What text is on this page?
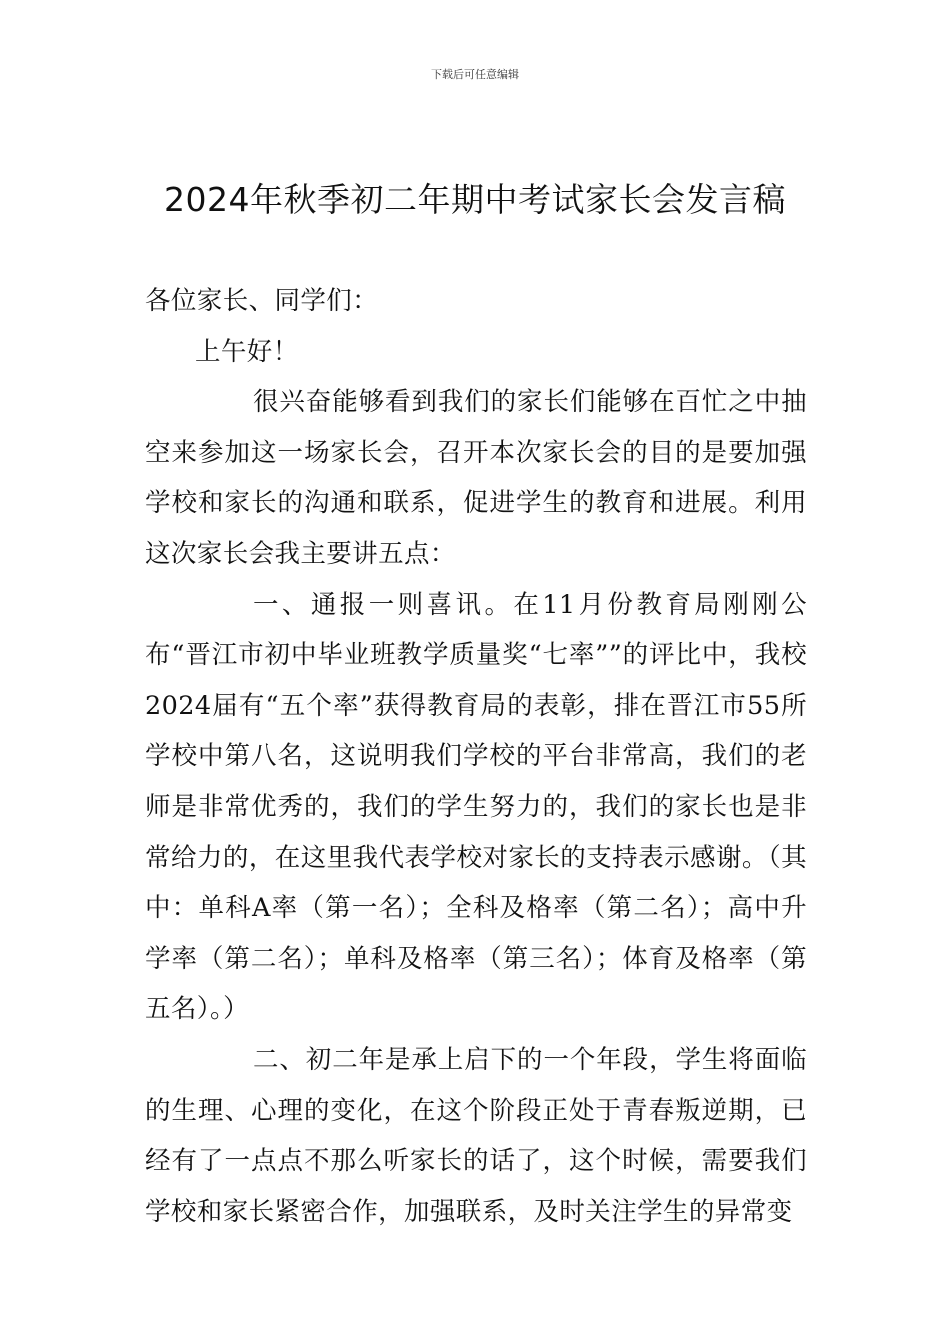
下载后可任意编辑
2024年秋季初二年期中考试家长会发言稿

各位家长、同学们：

上午好！

很兴奋能够看到我们的家长们能够在百忙之中抽空来参加这一场家长会，召开本次家长会的目的是要加强学校和家长的沟通和联系，促进学生的教育和进展。利用这次家长会我主要讲五点：

一、通报一则喜讯。在11月份教育局刚刚公布“晋江市初中毕业班教学质量奖“七率””的评比中，我校2024届有“五个率”获得教育局的表彰，排在晋江市55所学校中第八名，这说明我们学校的平台非常高，我们的老师是非常优秀的，我们的学生努力的，我们的家长也是非常给力的，在这里我代表学校对家长的支持表示感谢。（其中：单科A率（第一名）；全科及格率（第二名）；高中升学率（第二名）；单科及格率（第三名）；体育及格率（第五名）。）

二、初二年是承上启下的一个年段，学生将面临的生理、心理的变化，在这个阶段正处于青春叛逆期，已经有了一点点不那么听家长的话了，这个时候，需要我们学校和家长紧密合作，加强联系，及时关注学生的异常变
